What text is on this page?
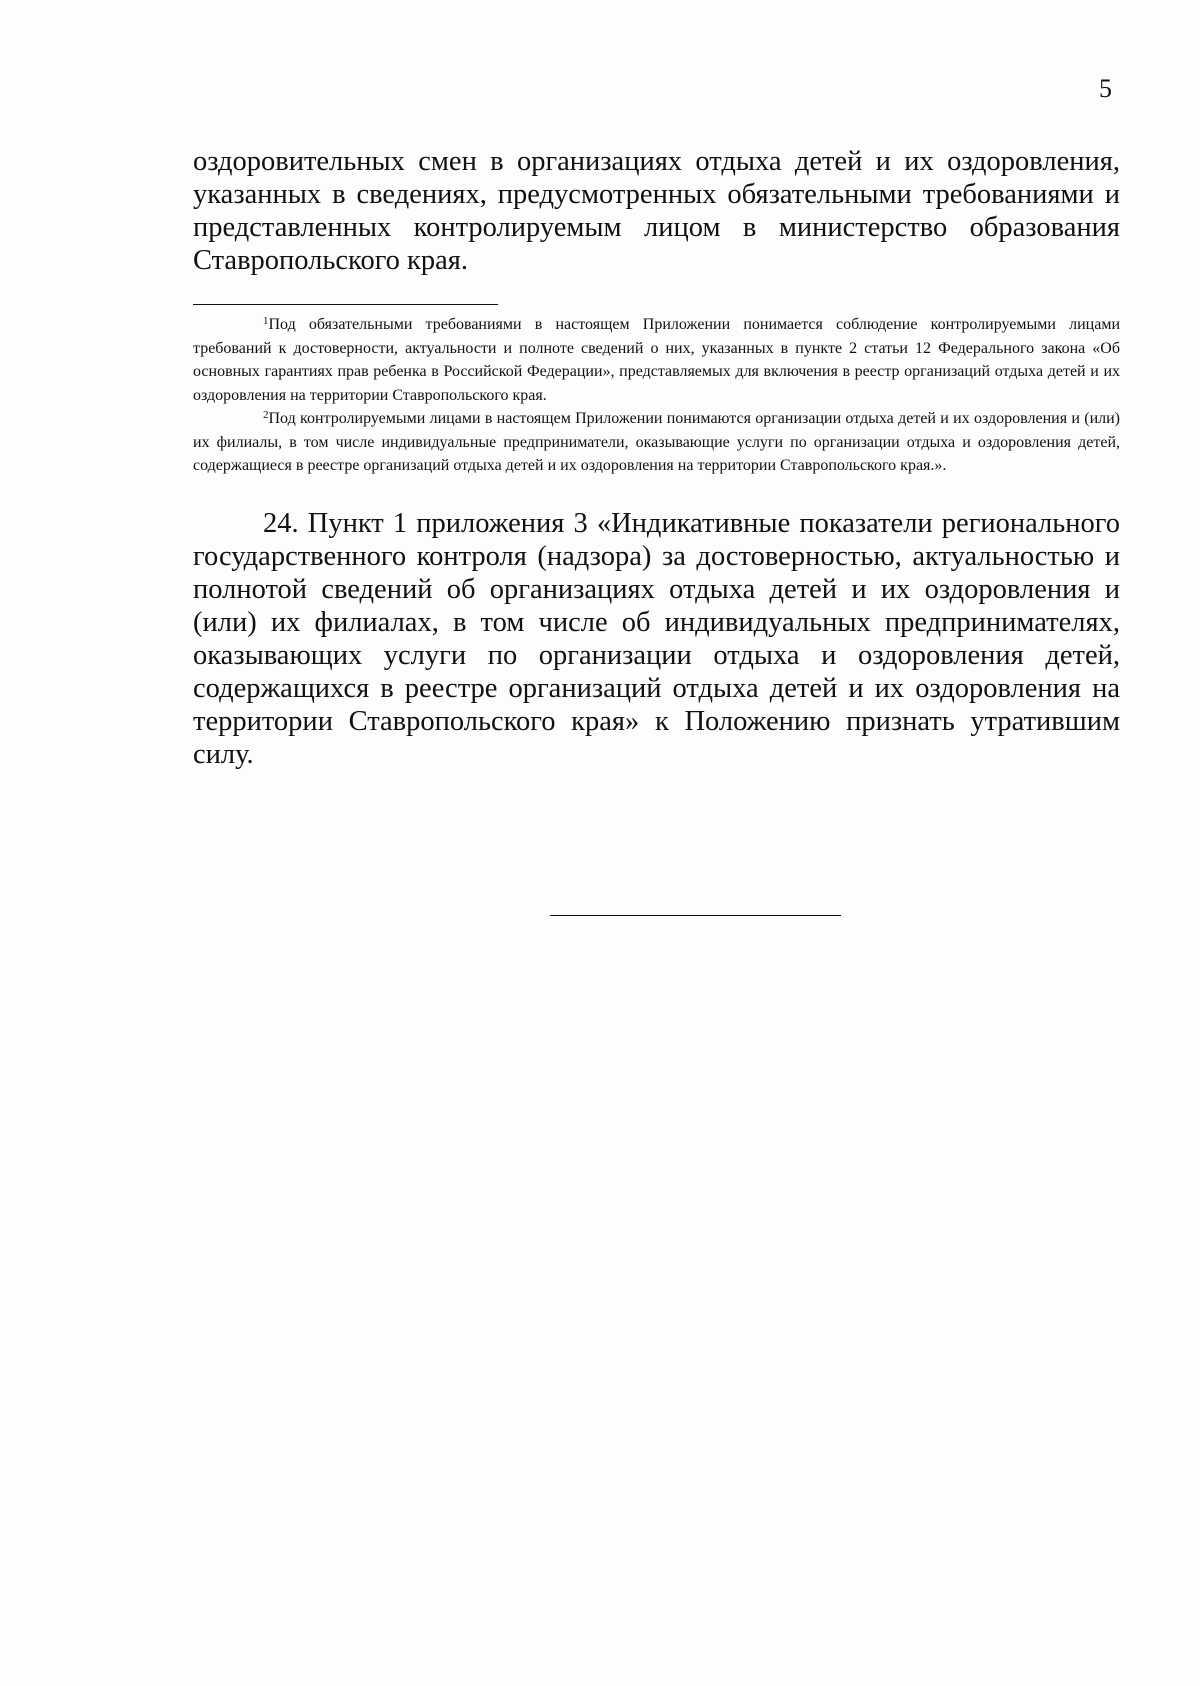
5

оздоровительных смен в организациях отдыха детей и их оздоровления, указанных в сведениях, предусмотренных обязательными требованиями и представленных контролируемым лицом в министерство образования Ставропольского края.

$^1$Под обязательными требованиями в настоящем Приложении понимается соблюдение контролируемыми лицами требований к достоверности, актуальности и полноте сведений о них, указанных в пункте 2 статьи 12 Федерального закона «Об основных гарантиях прав ребенка в Российской Федерации», представляемых для включения в реестр организаций отдыха детей и их оздоровления на территории Ставропольского края.

$^2$Под контролируемыми лицами в настоящем Приложении понимаются организации отдыха детей и их оздоровления и (или) их филиалы, в том числе индивидуальные предприниматели, оказывающие услуги по организации отдыха и оздоровления детей, содержащиеся в реестре организаций отдыха детей и их оздоровления на территории Ставропольского края.».

24. Пункт 1 приложения 3 «Индикативные показатели регионального государственного контроля (надзора) за достоверностью, актуальностью и полнотой сведений об организациях отдыха детей и их оздоровления и (или) их филиалах, в том числе об индивидуальных предпринимателях, оказывающих услуги по организации отдыха и оздоровления детей, содержащихся в реестре организаций отдыха детей и их оздоровления на территории Ставропольского края» к Положению признать утратившим силу.
